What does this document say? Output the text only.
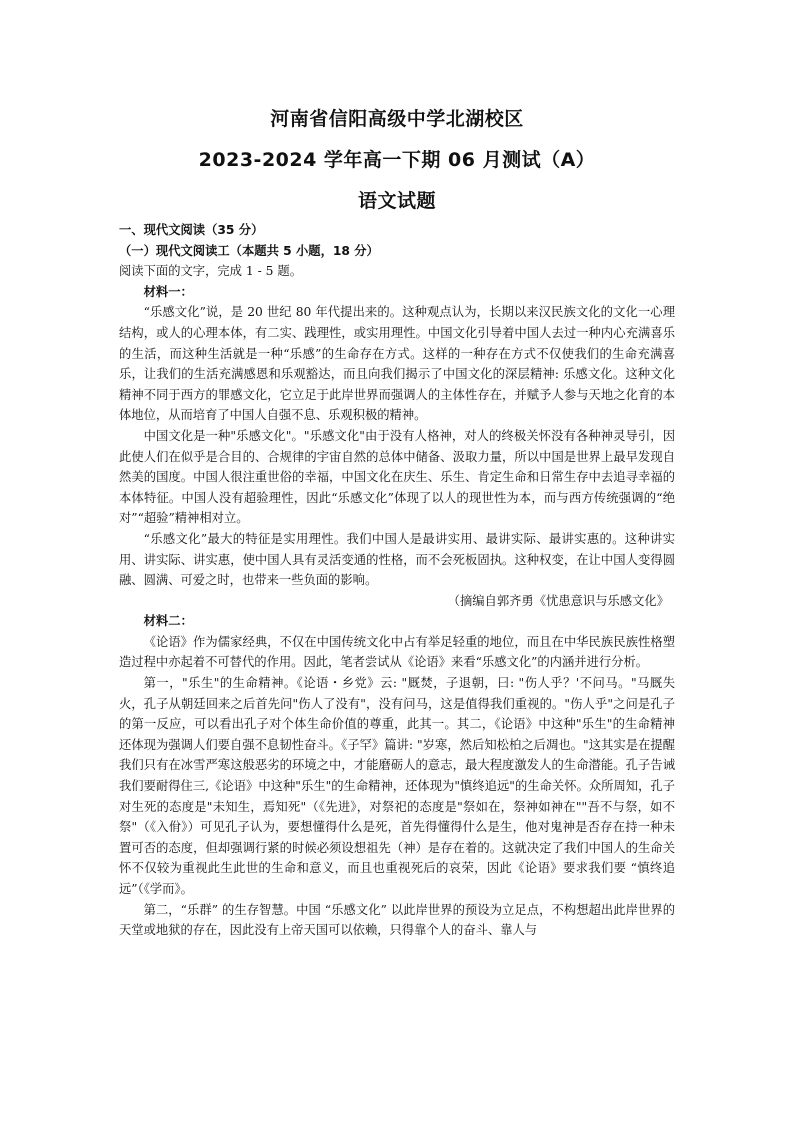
河南省信阳高级中学北湖校区
2023-2024 学年高一下期 06 月测试（A）
语文试题

一、现代文阅读（35 分）

（一）现代文阅读工（本题共 5 小题，18 分）

阅读下面的文字，完成 1 - 5 题。

材料一：

“乐感文化”说，是 20 世纪 80 年代提出来的。这种观点认为，长期以来汉民族文化的文化一心理结构，或人的心理本体，有二实、践理性，或实用理性。中国文化引导着中国人去过一种内心充满喜乐的生活，而这种生活就是一种“乐感”的生命存在方式。这样的一种存在方式不仅使我们的生命充满喜乐，让我们的生活充满感恩和乐观豁达，而且向我们揭示了中国文化的深层精神: 乐感文化。这种文化精神不同于西方的罪感文化，它立足于此岸世界而强调人的主体性存在，并赋予人参与天地之化育的本体地位，从而培育了中国人自强不息、乐观积极的精神。

中国文化是一种"乐感文化"。"乐感文化"由于没有人格神，对人的终极关怀没有各种神灵导引，因此使人们在似乎是合目的、合规律的宇宙自然的总体中储备、汲取力量，所以中国是世界上最早发现自然美的国度。中国人很注重世俗的幸福，中国文化在庆生、乐生、肯定生命和日常生存中去追寻幸福的本体特征。中国人没有超验理性，因此“乐感文化”体现了以人的现世性为本，而与西方传统强调的“绝对”“超验”精神相对立。

“乐感文化”最大的特征是实用理性。我们中国人是最讲实用、最讲实际、最讲实惠的。这种讲实用、讲实际、讲实惠，使中国人具有灵活变通的性格，而不会死板固执。这种权变，在让中国人变得圆融、圆满、可爱之时，也带来一些负面的影响。

（摘编自郭齐勇《忧患意识与乐感文化》

材料二：

《论语》作为儒家经典，不仅在中国传统文化中占有举足轻重的地位，而且在中华民族民族性格塑造过程中亦起着不可替代的作用。因此，笔者尝试从《论语》来看“乐感文化”的内涵并进行分析。

第一，"乐生"的生命精神。《论语・乡党》云: "厩焚，子退朝，曰: "伤人乎？'不问马。"马厩失火，孔子从朝廷回来之后首先问"伤人了没有"，没有问马，这是值得我们重视的。"伤人乎"之问是孔子的第一反应，可以看出孔子对个体生命价值的尊重，此其一。其二，《论语》中这种"乐生"的生命精神还体现为强调人们要自强不息韧性奋斗。《子罕》篇讲: "岁寒，然后知松柏之后凋也。"这其实是在提醒我们只有在冰雪严寒这般恶劣的环境之中，才能磨砺人的意志，最大程度激发人的生命潜能。孔子告诫我们要耐得住三,《论语》中这种"乐生"的生命精神，还体现为"慎终追远"的生命关怀。众所周知，孔子对生死的态度是"未知生，焉知死"（《先进》，对祭祀的态度是"祭如在，祭神如神在""吾不与祭，如不祭"（《入佾》）可见孔子认为，要想懂得什么是死，首先得懂得什么是生，他对鬼神是否存在持一种未置可否的态度，但却强调行紧的时候必须设想祖先（神）是存在着的。这就决定了我们中国人的生命关怀不仅较为重视此生此世的生命和意义，而且也重视死后的哀荣，因此《论语》要求我们要 “慎终追远”（《学而》。

第二，“乐群” 的生存智慧。中国 “乐感文化” 以此岸世界的预设为立足点，不构想超出此岸世界的天堂或地狱的存在，因此没有上帝天国可以依赖，只得靠个人的奋斗、靠人与
